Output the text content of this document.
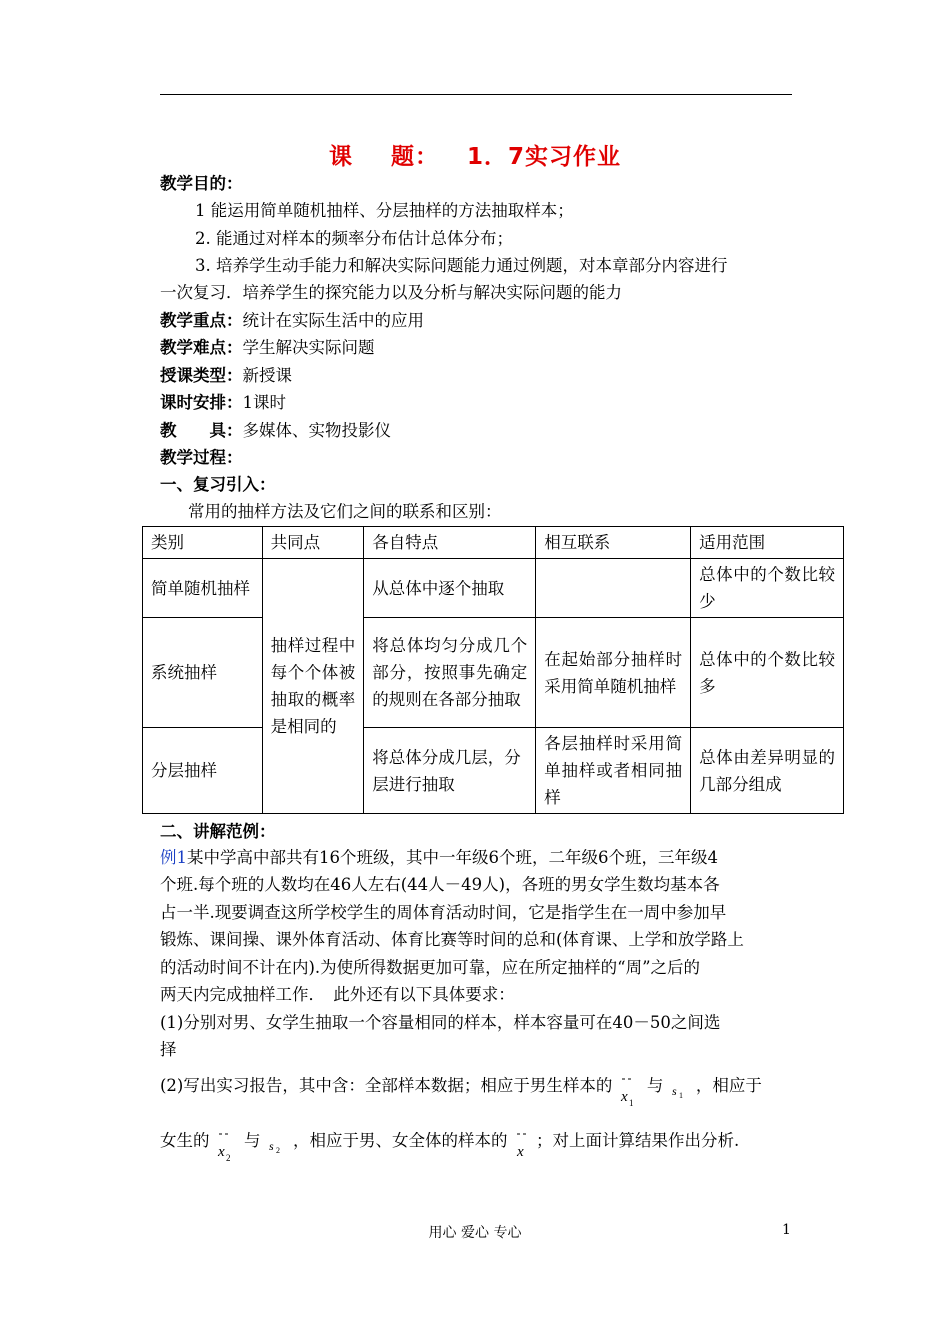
课 题： 1．7实习作业
教学目的：
1 能运用简单随机抽样、分层抽样的方法抽取样本；
2. 能通过对样本的频率分布估计总体分布；
3. 培养学生动手能力和解决实际问题能力通过例题，对本章部分内容进行
一次复习．培养学生的探究能力以及分析与解决实际问题的能力
教学重点：统计在实际生活中的应用
教学难点：学生解决实际问题
授课类型：新授课
课时安排：1课时
教　　具：多媒体、实物投影仪
教学过程：
一、复习引入：
常用的抽样方法及它们之间的联系和区别：
类别	共同点	各自特点	相互联系	适用范围
简单随机抽样	抽样过程中每个个体被抽取的概率是相同的	从总体中逐个抽取		总体中的个数比较少
系统抽样		将总体均匀分成几个部分，按照事先确定的规则在各部分抽取	在起始部分抽样时采用简单随机抽样	总体中的个数比较多
分层抽样		将总体分成几层，分层进行抽取	各层抽样时采用简单抽样或者相同抽样	总体由差异明显的几部分组成
二、讲解范例：
例1某中学高中部共有16个班级，其中一年级6个班，二年级6个班，三年级4
个班.每个班的人数均在46人左右(44人－49人)，各班的男女学生数均基本各
占一半.现要调查这所学校学生的周体育活动时间，它是指学生在一周中参加早
锻炼、课间操、课外体育活动、体育比赛等时间的总和(体育课、上学和放学路上
的活动时间不计在内).为使所得数据更加可靠，应在所定抽样的“周”之后的
两天内完成抽样工作．　此外还有以下具体要求：
(1)分别对男、女学生抽取一个容量相同的样本，样本容量可在40－50之间选
择
(2)写出实习报告，其中含：全部样本数据；相应于男生样本的
x 1
与 s 1
，相应于
女生的
x 2
与 s 2
，相应于男、女全体的样本的
x
；对上面计算结果作出分析.
用心 爱心 专心	1
